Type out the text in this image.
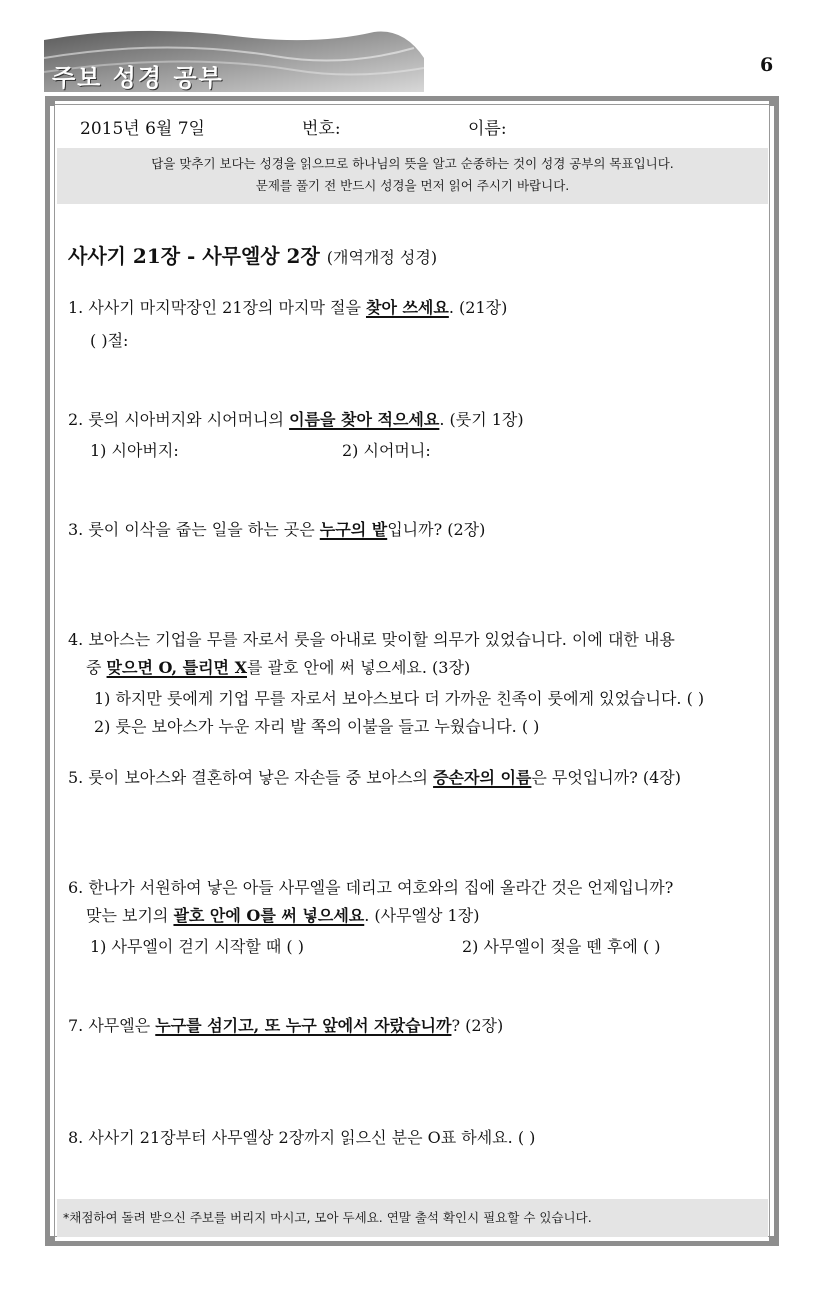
주보 성경 공부	6
2015년 6월 7일	번호:	이름:
답을 맞추기 보다는 성경을 읽으므로 하나님의 뜻을 알고 순종하는 것이 성경 공부의 목표입니다.
문제를 풀기 전 반드시 성경을 먼저 읽어 주시기 바랍니다.
사사기 21장 - 사무엘상 2장 (개역개정 성경)
1. 사사기 마지막장인 21장의 마지막 절을 찾아 쓰세요. (21장)
( )절:
2. 룻의 시아버지와 시어머니의 이름을 찾아 적으세요. (룻기 1장)
1) 시아버지:	2) 시어머니:
3. 룻이 이삭을 줍는 일을 하는 곳은 누구의 밭입니까? (2장)
4. 보아스는 기업을 무를 자로서 룻을 아내로 맞이할 의무가 있었습니다. 이에 대한 내용
중 맞으면 O, 틀리면 X를 괄호 안에 써 넣으세요. (3장)
1) 하지만 룻에게 기업 무를 자로서 보아스보다 더 가까운 친족이 룻에게 있었습니다. ( )
2) 룻은 보아스가 누운 자리 발 쪽의 이불을 들고 누웠습니다. ( )
5. 룻이 보아스와 결혼하여 낳은 자손들 중 보아스의 증손자의 이름은 무엇입니까? (4장)
6. 한나가 서원하여 낳은 아들 사무엘을 데리고 여호와의 집에 올라간 것은 언제입니까?
맞는 보기의 괄호 안에 O를 써 넣으세요. (사무엘상 1장)
1) 사무엘이 걷기 시작할 때 ( )	2) 사무엘이 젖을 뗀 후에 ( )
7. 사무엘은 누구를 섬기고, 또 누구 앞에서 자랐습니까? (2장)
8. 사사기 21장부터 사무엘상 2장까지 읽으신 분은 O표 하세요. ( )
*채점하여 돌려 받으신 주보를 버리지 마시고, 모아 두세요. 연말 출석 확인시 필요할 수 있습니다.
